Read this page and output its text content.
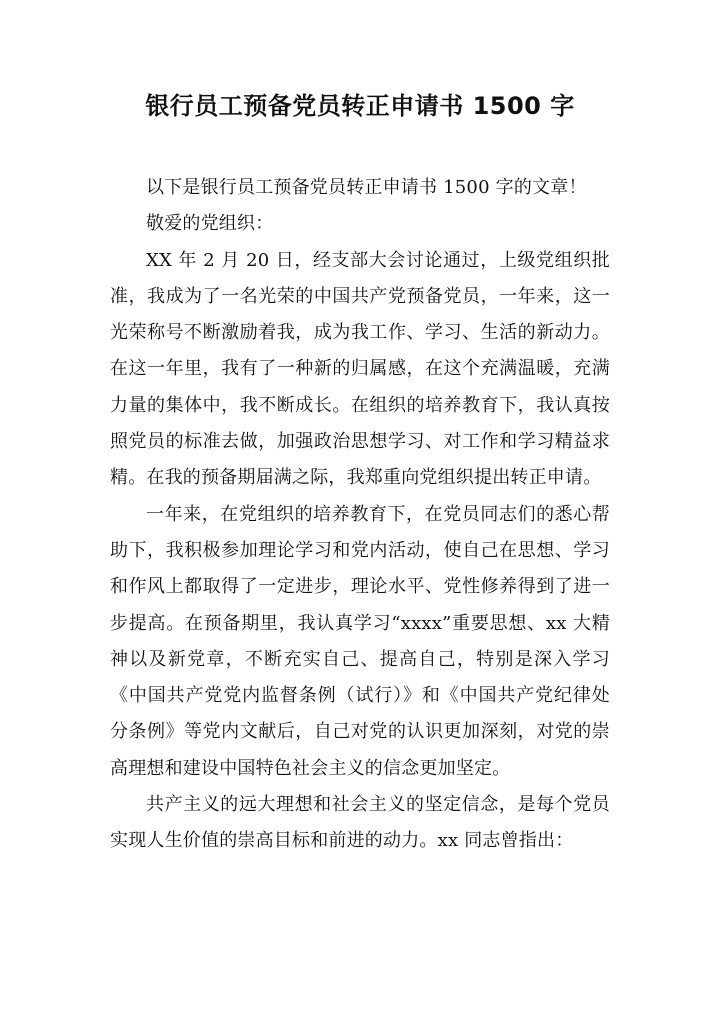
银行员工预备党员转正申请书 1500 字

以下是银行员工预备党员转正申请书 1500 字的文章！

敬爱的党组织：

XX 年 2 月 20 日，经支部大会讨论通过，上级党组织批准，我成为了一名光荣的中国共产党预备党员，一年来，这一光荣称号不断激励着我，成为我工作、学习、生活的新动力。在这一年里，我有了一种新的归属感，在这个充满温暖，充满力量的集体中，我不断成长。在组织的培养教育下，我认真按照党员的标准去做，加强政治思想学习、对工作和学习精益求精。在我的预备期届满之际，我郑重向党组织提出转正申请。

一年来，在党组织的培养教育下，在党员同志们的悉心帮助下，我积极参加理论学习和党内活动，使自己在思想、学习和作风上都取得了一定进步，理论水平、党性修养得到了进一步提高。在预备期里，我认真学习“xxxx”重要思想、xx 大精神以及新党章，不断充实自己、提高自己，特别是深入学习《中国共产党党内监督条例（试行）》和《中国共产党纪律处分条例》等党内文献后，自己对党的认识更加深刻，对党的崇高理想和建设中国特色社会主义的信念更加坚定。

共产主义的远大理想和社会主义的坚定信念，是每个党员实现人生价值的崇高目标和前进的动力。xx 同志曾指出：
